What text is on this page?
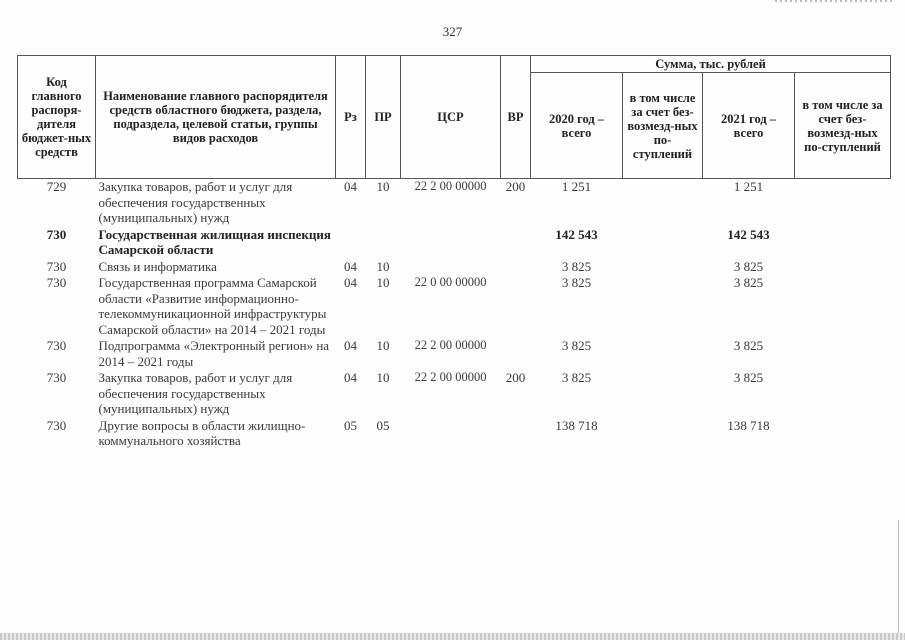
327
Код главного распоря-дителя бюджет-ных средств	Наименование главного распорядителя средств областного бюджета, раздела, подраздела, целевой статьи, группы видов расходов	Рз	ПР	ЦСР	ВР	Сумма, тыс. рублей			
						2020 год – всего	в том числе за счет без-возмезд-ных по-ступлений	2021 год – всего	в том числе за счет без-возмезд-ных по-ступлений
729	Закупка товаров, работ и услуг для обеспечения государственных (муниципальных) нужд	04	10	22 2 00 00000	200	1 251		1 251	
730	Государственная жилищная инспекция Самарской области					142 543		142 543	
730	Связь и информатика	04	10			3 825		3 825	
730	Государственная программа Самарской области «Развитие информационно-телекоммуникационной инфраструктуры Самарской области» на 2014 – 2021 годы	04	10	22 0 00 00000		3 825		3 825	
730	Подпрограмма «Электронный регион» на 2014 – 2021 годы	04	10	22 2 00 00000		3 825		3 825	
730	Закупка товаров, работ и услуг для обеспечения государственных (муниципальных) нужд	04	10	22 2 00 00000	200	3 825		3 825	
730	Другие вопросы в области жилищно-коммунального хозяйства	05	05			138 718		138 718	
